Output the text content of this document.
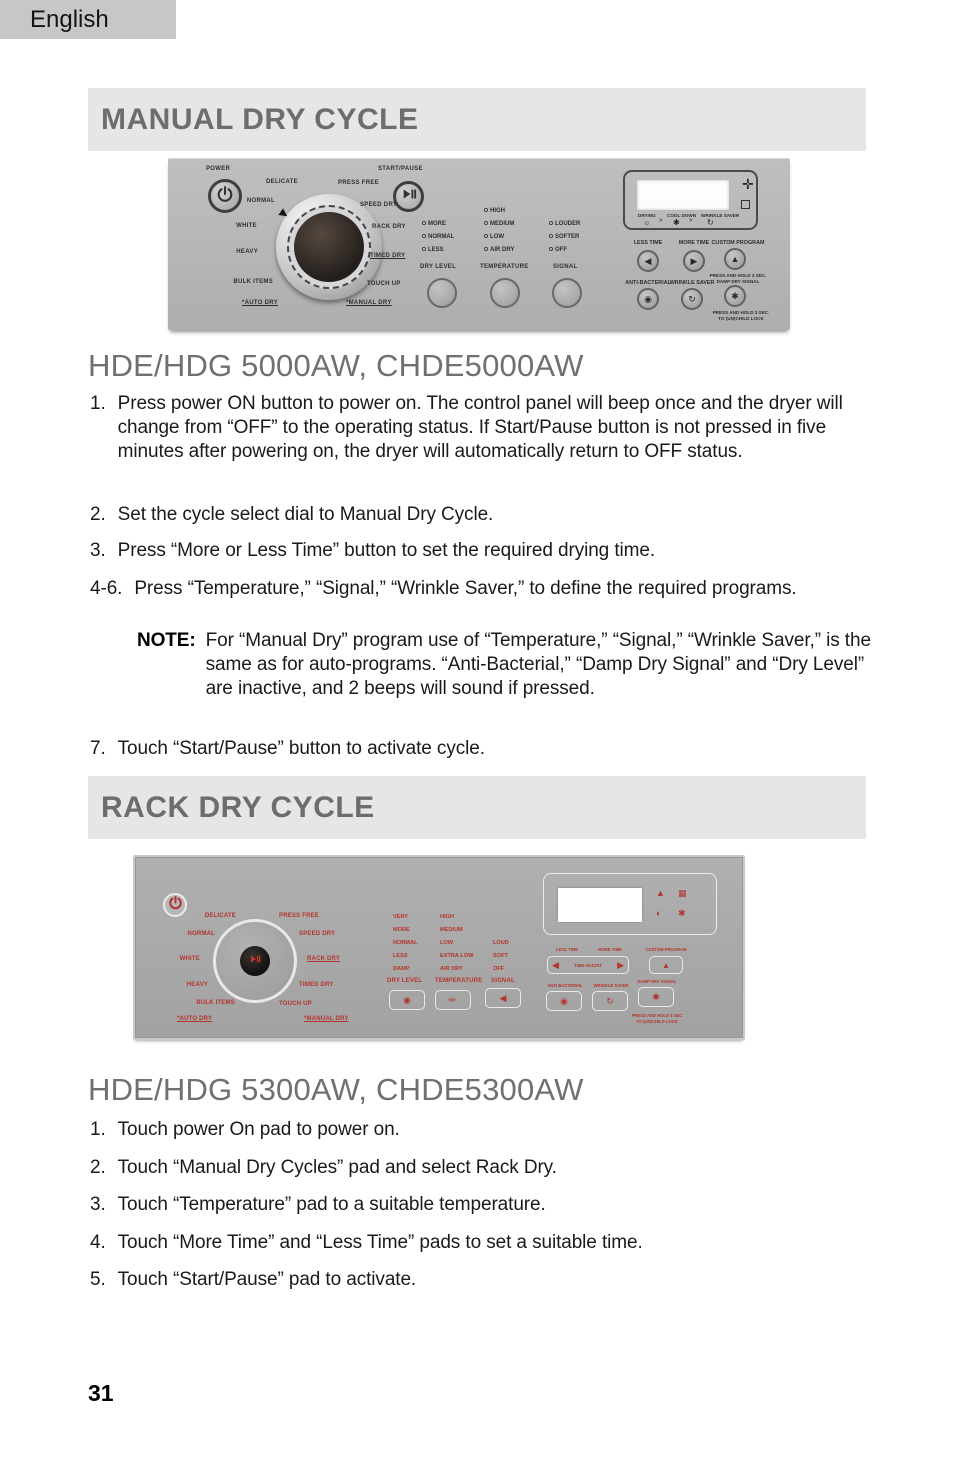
English
MANUAL DRY CYCLE
POWER	START/PAUSE
DELICATE
NORMAL
WHITE
HEAVY
BULK ITEMS
*AUTO DRY
PRESS FREE
SPEED DRY
RACK DRY
TIMED DRY
TOUCH UP
*MANUAL DRY
MORE
NORMAL
LESS
DRY LEVEL
HIGH
MEDIUM
LOW
AIR DRY
TEMPERATURE
LOUDER
SOFTER
OFF
SIGNAL
✛
DRYING COOL DOWN WRINKLE SAVER
☼ > ✱ > ↻
LESS TIME	MORE TIME CUSTOM PROGRAM
◀	▶	▲
PRESS AND HOLD 3 SEC.
DAMP DRY SIGNAL
ANTI-BACTERIAL
WRINKLE SAVER
◉	↻	✱
PRESS AND HOLD 3 SEC.
TO (UN)CHILD LOCK
HDE/HDG 5000AW, CHDE5000AW
1. Press power ON button to power on. The control panel will beep once and the dryer will change from “OFF” to the operating status. If Start/Pause button is not pressed in five minutes after powering on, the dryer will automatically return to OFF status.
2. Set the cycle select dial to Manual Dry Cycle.
3. Press “More or Less Time” button to set the required drying time.
4-6. Press “Temperature,” “Signal,” “Wrinkle Saver,” to define the required programs.
NOTE: For “Manual Dry” program use of “Temperature,” “Signal,” “Wrinkle Saver,” is the same as for auto-programs. “Anti-Bacterial,” “Damp Dry Signal” and “Dry Level” are inactive, and 2 beeps will sound if pressed.
7. Touch “Start/Pause” button to activate cycle.
RACK DRY CYCLE
DELICATE
NORMAL
WHITE
HEAVY
BULK ITEMS
*AUTO DRY
PRESS FREE
SPEED DRY
RACK DRY
TIMED DRY
TOUCH UP
*MANUAL DRY
VERY
MORE
NORMAL
LESS
DAMP
DRY LEVEL
◉
HIGH
MEDIUM
LOW
EXTRA LOW
AIR DRY
TEMPERATURE
✎
LOUD
SOFT
OFF
SIGNAL
◀
▲ ▦
◐ ✱
LESS TIME	MORE TIME
◀	TIME ADJUST ▶
CUSTOM PROGRAM
▲
ANTI-BACTERIAL	WRINKLE SAVER
DAMP DRY SIGNAL
◉	↻	✱
PRESS AND HOLD 3 SEC
TO (UN)CHILD LOCK
HDE/HDG 5300AW, CHDE5300AW
1. Touch power On pad to power on.
2. Touch “Manual Dry Cycles” pad and select Rack Dry.
3. Touch “Temperature” pad to a suitable temperature.
4. Touch “More Time” and “Less Time” pads to set a suitable time.
5. Touch “Start/Pause” pad to activate.
31
